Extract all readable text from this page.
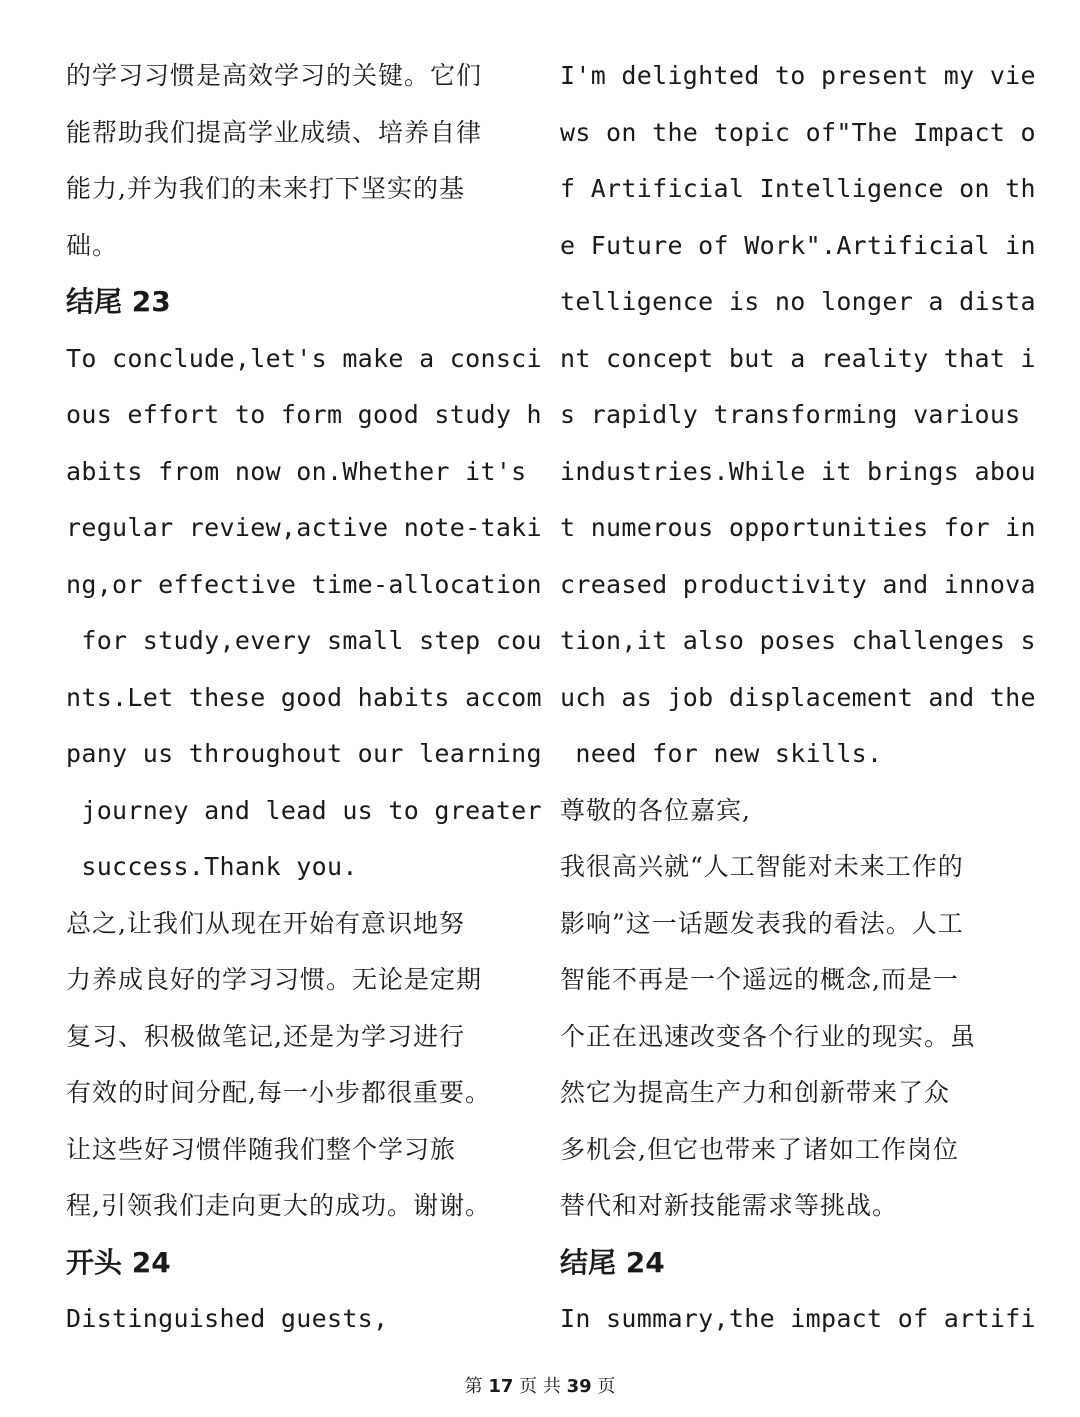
的学习习惯是高效学习的关键。它们
能帮助我们提高学业成绩、培养自律
能力,并为我们的未来打下坚实的基
础。
结尾 23
To conclude,let's make a consci
ous effort to form good study h
abits from now on.Whether it's
regular review,active note-taki
ng,or effective time-allocation
for study,every small step cou
nts.Let these good habits accom
pany us throughout our learning
journey and lead us to greater
success.Thank you.
总之,让我们从现在开始有意识地努
力养成良好的学习习惯。无论是定期
复习、积极做笔记,还是为学习进行
有效的时间分配,每一小步都很重要。
让这些好习惯伴随我们整个学习旅
程,引领我们走向更大的成功。谢谢。
开头 24
Distinguished guests,
I'm delighted to present my vie
ws on the topic of"The Impact o
f Artificial Intelligence on th
e Future of Work".Artificial in
telligence is no longer a dista
nt concept but a reality that i
s rapidly transforming various
industries.While it brings abou
t numerous opportunities for in
creased productivity and innova
tion,it also poses challenges s
uch as job displacement and the
need for new skills.
尊敬的各位嘉宾,
我很高兴就“人工智能对未来工作的
影响”这一话题发表我的看法。人工
智能不再是一个遥远的概念,而是一
个正在迅速改变各个行业的现实。虽
然它为提高生产力和创新带来了众
多机会,但它也带来了诸如工作岗位
替代和对新技能需求等挑战。
结尾 24
In summary,the impact of artifi
第 17 页 共 39 页
